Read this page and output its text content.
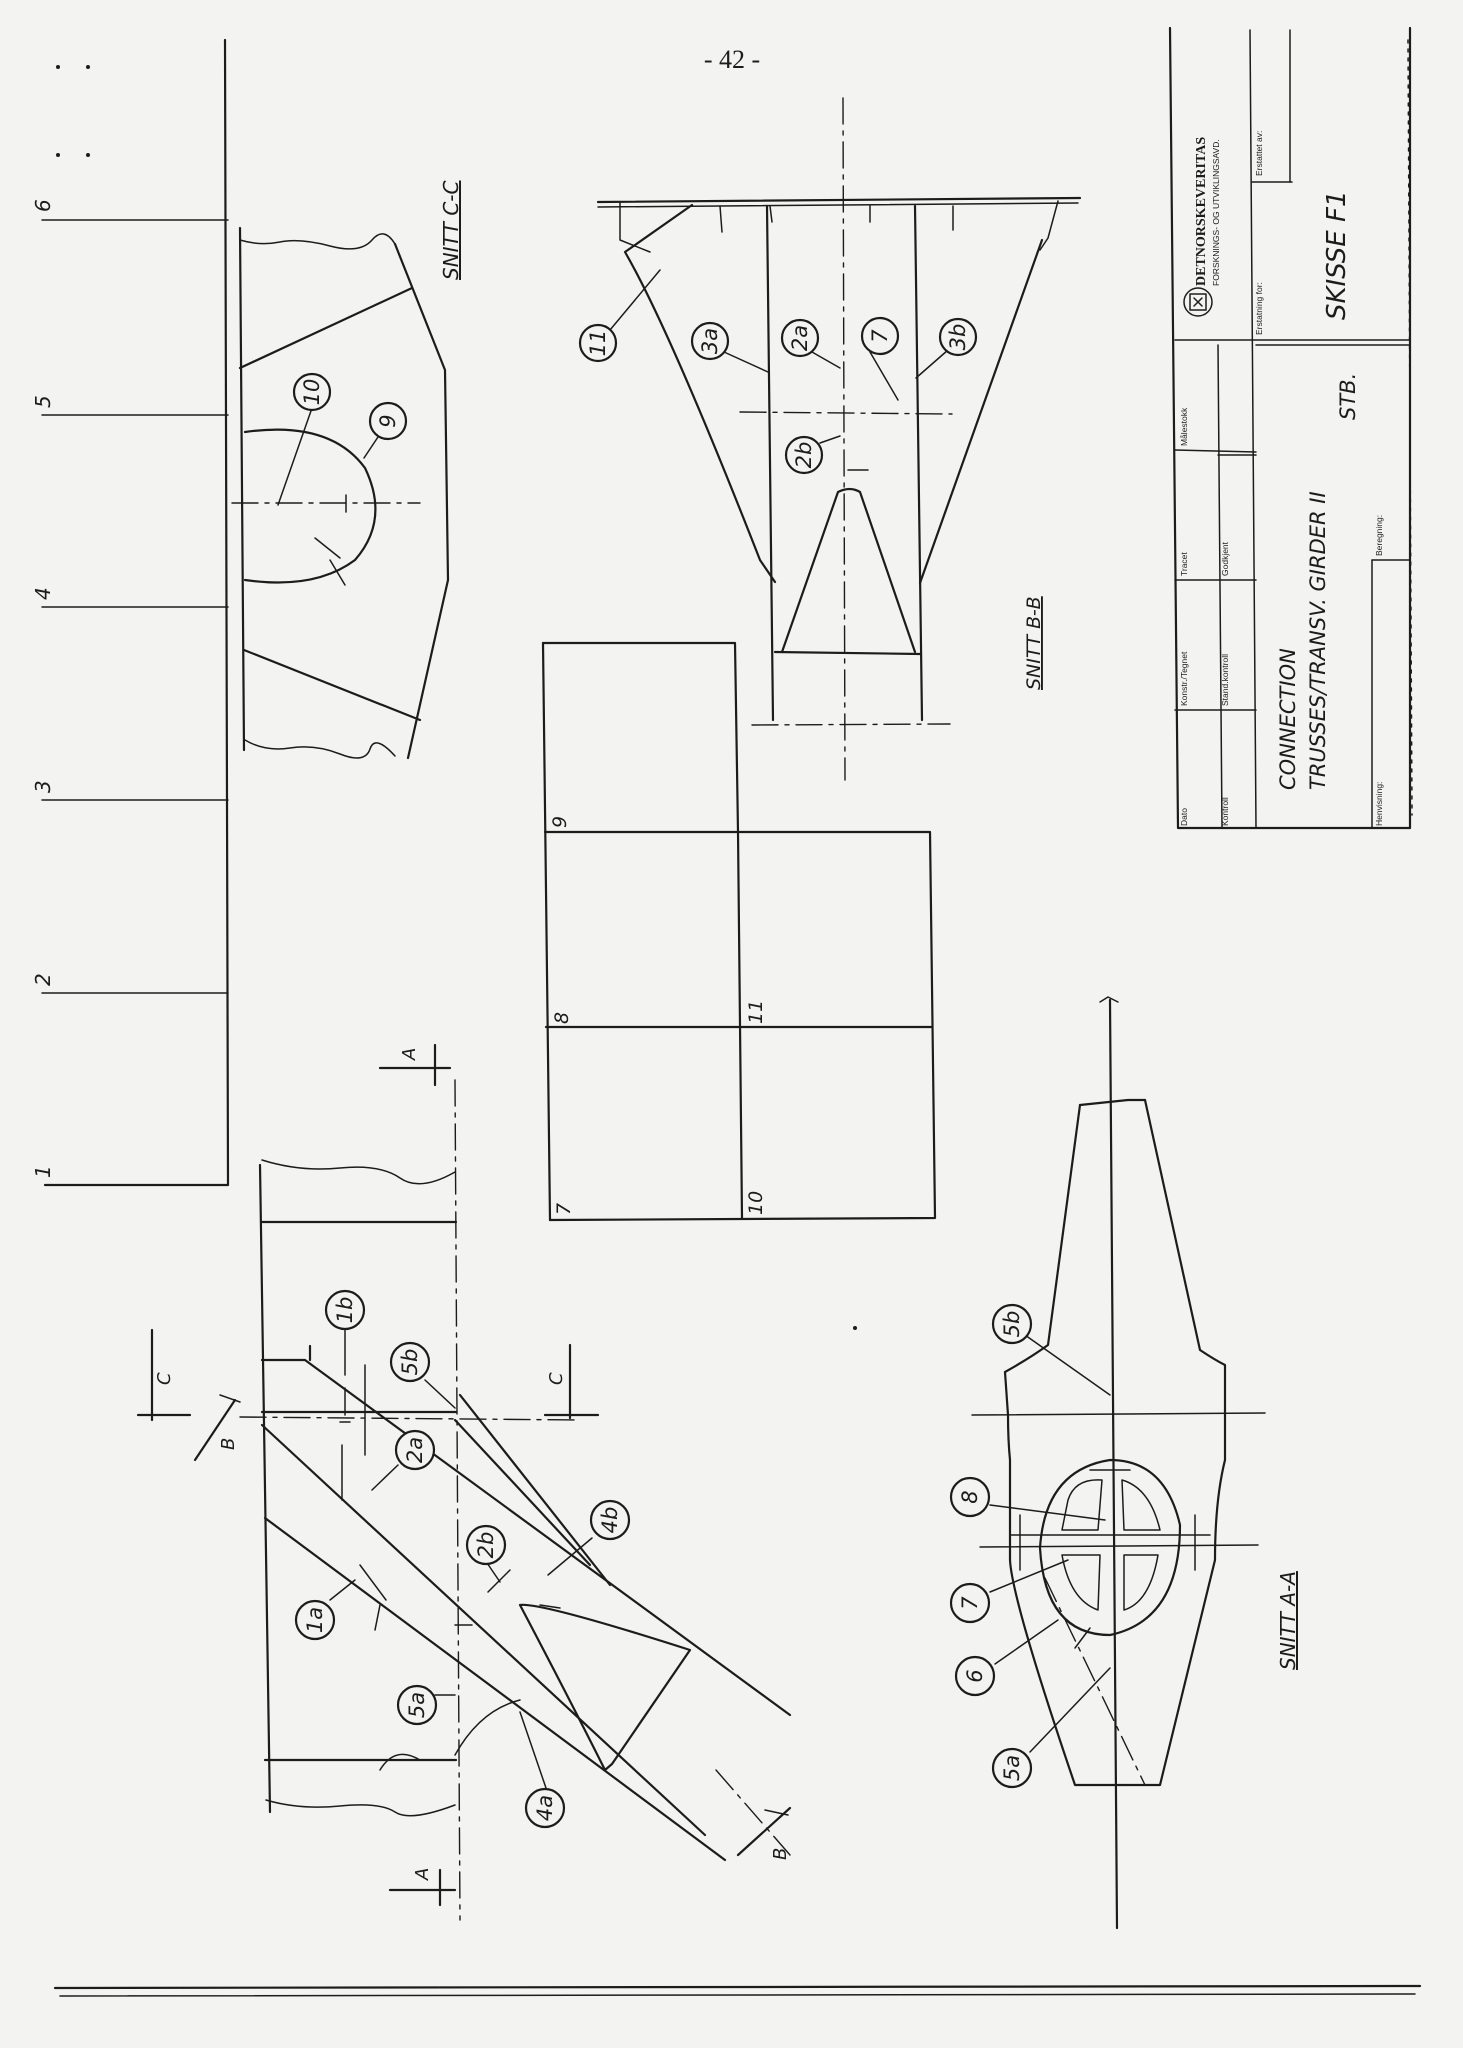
- 42 -
6
5
4
3
2
1
SNITT C-C
10
9
SNITT B-B
11	3a	2a	7	3b
2b
9
8
7
11
10
DETNORSKEVERITAS FORSKNINGS- OG UTVIKLINGSAVD.	Erstattet av:
Erstatning for: SKISSE F1
Dato
Konstr./Tegnet
Tracet
Målestokk
Kontroll
Stand.kontroll
Godkjent
CONNECTION TRUSSES/TRANSV. GIRDER II
STB.
Henvisning:
Beregning:
A
A
C	C
B
B
1b
5b
2a
2b
4b
1a
5a
4a
SNITT A-A
5b
8
7
6
5a
